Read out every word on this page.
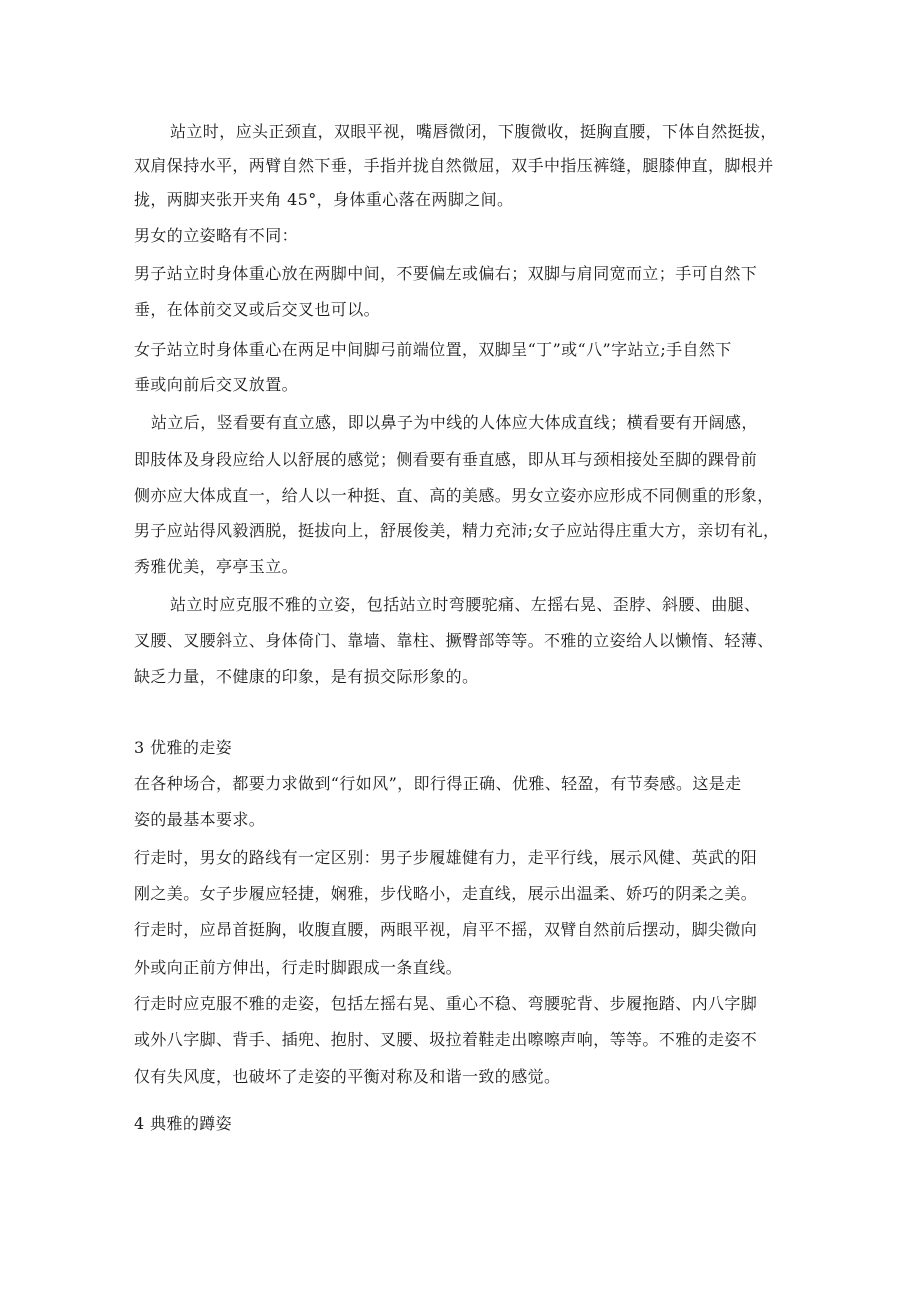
站立时，应头正颈直，双眼平视，嘴唇微闭，下腹微收，挺胸直腰，下体自然挺拔，
双肩保持水平，两臂自然下垂，手指并拢自然微屈，双手中指压裤缝，腿膝伸直，脚根并
拢，两脚夹张开夹角 45°，身体重心落在两脚之间。
男女的立姿略有不同：
男子站立时身体重心放在两脚中间，不要偏左或偏右；双脚与肩同宽而立；手可自然下
垂，在体前交叉或后交叉也可以。
女子站立时身体重心在两足中间脚弓前端位置，双脚呈“丁”或“八”字站立;手自然下
垂或向前后交叉放置。
站立后，竖看要有直立感，即以鼻子为中线的人体应大体成直线；横看要有开阔感，
即肢体及身段应给人以舒展的感觉；侧看要有垂直感，即从耳与颈相接处至脚的踝骨前
侧亦应大体成直一，给人以一种挺、直、高的美感。男女立姿亦应形成不同侧重的形象，
男子应站得风毅洒脱，挺拔向上，舒展俊美，精力充沛;女子应站得庄重大方，亲切有礼，
秀雅优美，亭亭玉立。
站立时应克服不雅的立姿，包括站立时弯腰驼痛、左摇右晃、歪脖、斜腰、曲腿、
叉腰、叉腰斜立、身体倚门、靠墙、靠柱、撅臀部等等。不雅的立姿给人以懒惰、轻薄、
缺乏力量，不健康的印象，是有损交际形象的。
3 优雅的走姿
在各种场合，都要力求做到“行如风”，即行得正确、优雅、轻盈，有节奏感。这是走
姿的最基本要求。
行走时，男女的路线有一定区别：男子步履雄健有力，走平行线，展示风健、英武的阳
刚之美。女子步履应轻捷，娴雅，步伐略小，走直线，展示出温柔、娇巧的阴柔之美。
行走时，应昂首挺胸，收腹直腰，两眼平视，肩平不摇，双臂自然前后摆动，脚尖微向
外或向正前方伸出，行走时脚跟成一条直线。
行走时应克服不雅的走姿，包括左摇右晃、重心不稳、弯腰驼背、步履拖踏、内八字脚
或外八字脚、背手、插兜、抱肘、叉腰、圾拉着鞋走出嚓嚓声响，等等。不雅的走姿不
仅有失风度，也破坏了走姿的平衡对称及和谐一致的感觉。
4 典雅的蹲姿
